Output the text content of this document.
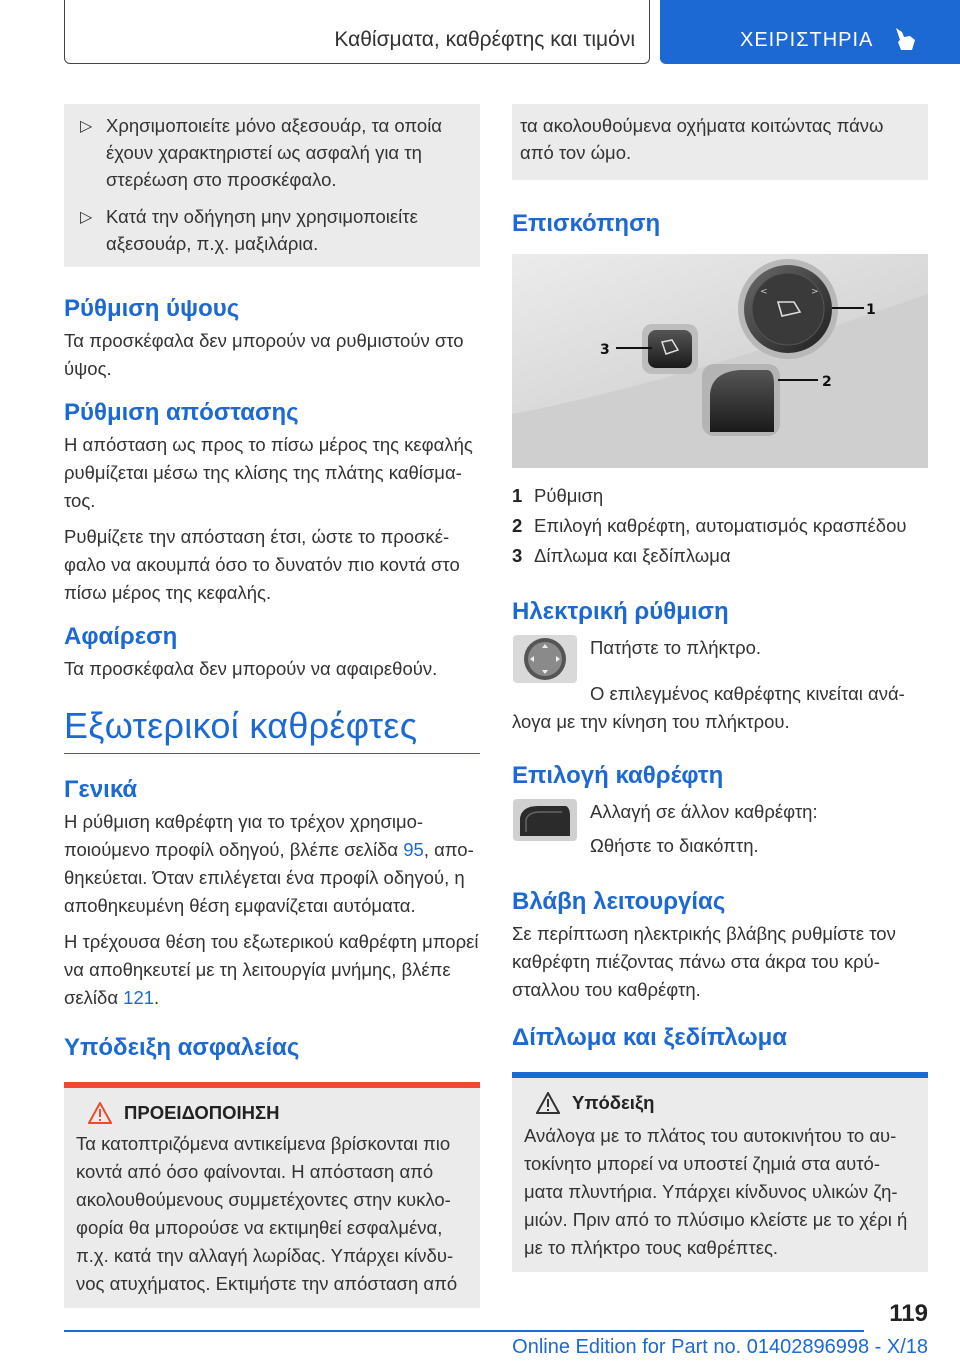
Καθίσματα, καθρέφτης και τιμόνι	ΧΕΙΡΙΣΤΗΡΙΑ

▷ Χρησιμοποιείτε μόνο αξεσουάρ, τα οποία έχουν χαρακτηριστεί ως ασφαλή για τη στερέωση στο προσκέφαλο.

▷ Κατά την οδήγηση μην χρησιμοποιείτε αξεσουάρ, π.χ. μαξιλάρια.

Ρύθμιση ύψους

Τα προσκέφαλα δεν μπορούν να ρυθμιστούν στο ύψος.

Ρύθμιση απόστασης

Η απόσταση ως προς το πίσω μέρος της κεφαλής ρυθμίζεται μέσω της κλίσης της πλάτης καθίσμα- τος.

Ρυθμίζετε την απόσταση έτσι, ώστε το προσκέ- φαλο να ακουμπά όσο το δυνατόν πιο κοντά στο πίσω μέρος της κεφαλής.

Αφαίρεση

Τα προσκέφαλα δεν μπορούν να αφαιρεθούν.

Εξωτερικοί καθρέφτες
Γενικά

Η ρύθμιση καθρέφτη για το τρέχον χρησιμο- ποιούμενο προφίλ οδηγού, βλέπε σελίδα 95, απο- θηκεύεται. Όταν επιλέγεται ένα προφίλ οδηγού, η αποθηκευμένη θέση εμφανίζεται αυτόματα.

Η τρέχουσα θέση του εξωτερικού καθρέφτη μπορεί να αποθηκευτεί με τη λειτουργία μνήμης, βλέπε σελίδα 121.

Υπόδειξη ασφαλείας
ΠΡΟΕΙΔΟΠΟΙΗΣΗ

Τα κατοπτριζόμενα αντικείμενα βρίσκονται πιο κοντά από όσο φαίνονται. Η απόσταση από ακολουθούμενους συμμετέχοντες στην κυκλο- φορία θα μπορούσε να εκτιμηθεί εσφαλμένα, π.χ. κατά την αλλαγή λωρίδας. Υπάρχει κίνδυ- νος ατυχήματος. Εκτιμήστε την απόσταση από

τα ακολουθούμενα οχήματα κοιτώντας πάνω από τον ώμο.

Επισκόπηση
<	>
1
2
3
1 Ρύθμιση
2 Επιλογή καθρέφτη, αυτοματισμός κρασπέδου
3 Δίπλωμα και ξεδίπλωμα
Ηλεκτρική ρύθμιση

Πατήστε το πλήκτρο.

Ο επιλεγμένος καθρέφτης κινείται ανά- λογα με την κίνηση του πλήκτρου.

Επιλογή καθρέφτη

Αλλαγή σε άλλον καθρέφτη:

Ωθήστε το διακόπτη.

Βλάβη λειτουργίας

Σε περίπτωση ηλεκτρικής βλάβης ρυθμίστε τον καθρέφτη πιέζοντας πάνω στα άκρα του κρύ- σταλλου του καθρέφτη.

Δίπλωμα και ξεδίπλωμα
Υπόδειξη

Ανάλογα με το πλάτος του αυτοκινήτου το αυ- τοκίνητο μπορεί να υποστεί ζημιά στα αυτό- ματα πλυντήρια. Υπάρχει κίνδυνος υλικών ζη- μιών. Πριν από το πλύσιμο κλείστε με το χέρι ή με το πλήκτρο τους καθρέπτες.

119
Online Edition for Part no. 01402896998 - X/18
